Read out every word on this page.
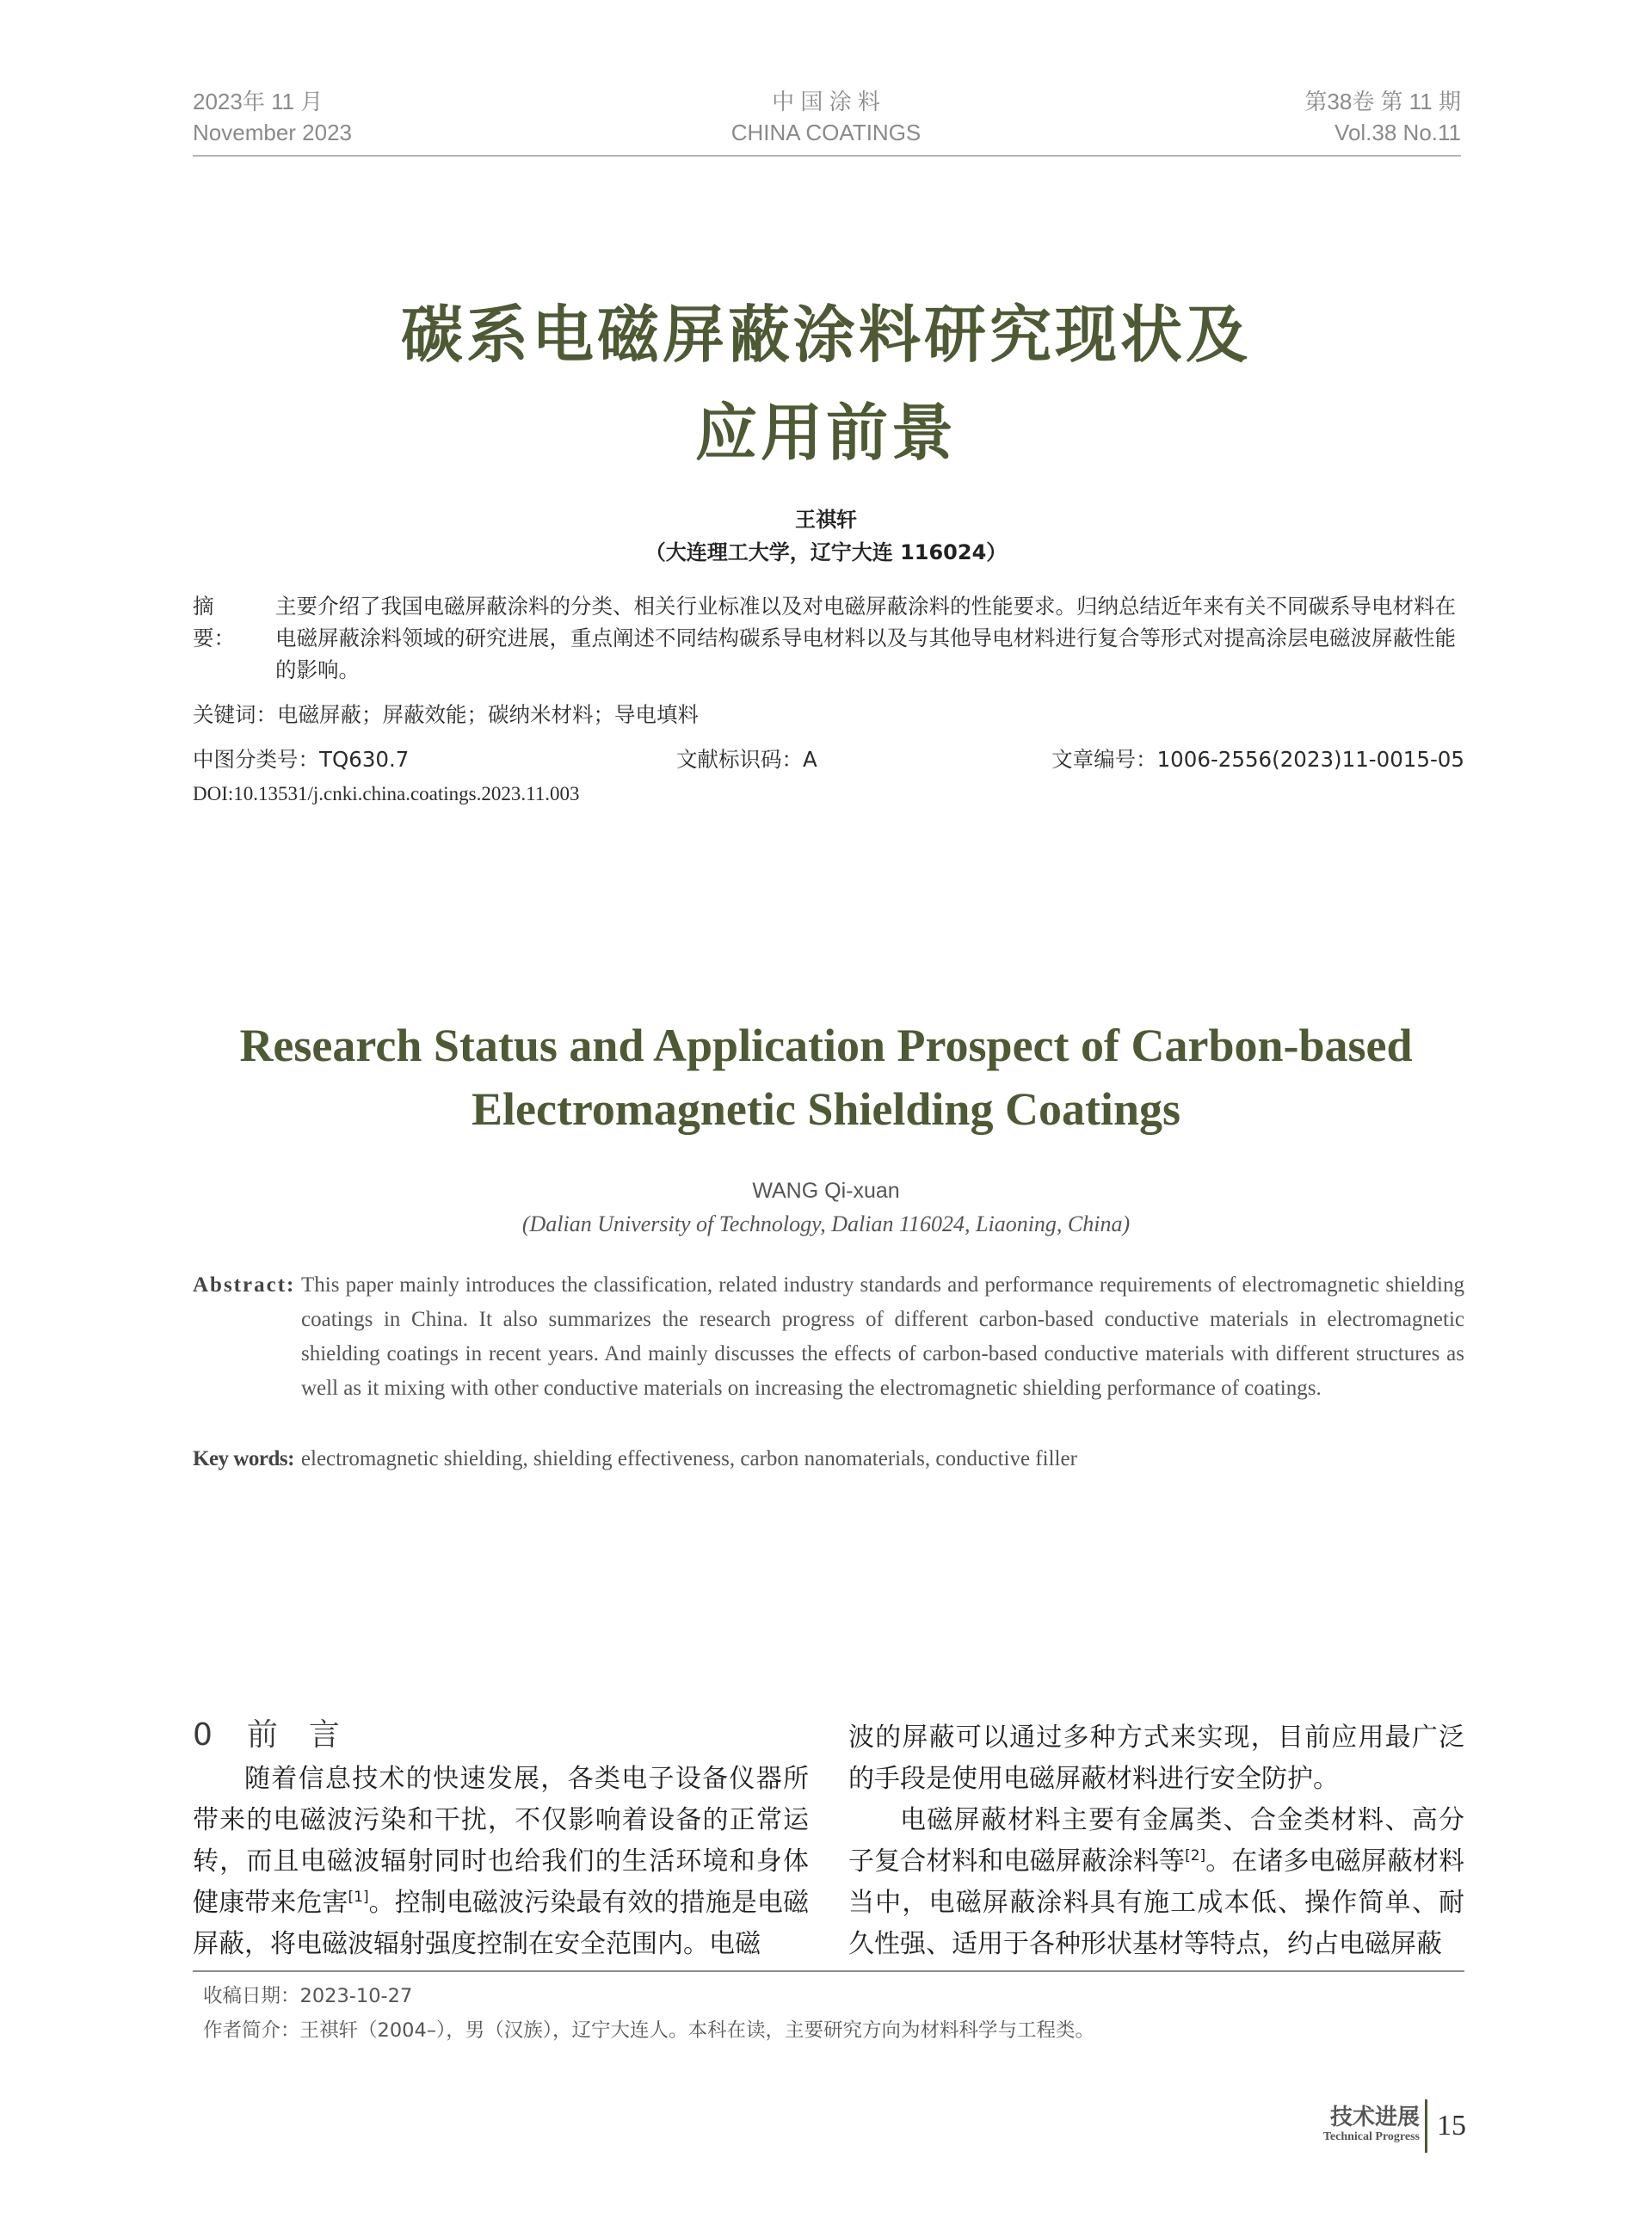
2023年 11 月
November 2023
中 国 涂 料
CHINA COATINGS
第38卷 第 11 期
Vol.38 No.11
碳系电磁屏蔽涂料研究现状及
应用前景
王祺轩
（大连理工大学，辽宁大连 116024）
摘　要：
主要介绍了我国电磁屏蔽涂料的分类、相关行业标准以及对电磁屏蔽涂料的性能要求。归纳总结近年来有关不同碳系导电材料在电磁屏蔽涂料领域的研究进展，重点阐述不同结构碳系导电材料以及与其他导电材料进行复合等形式对提高涂层电磁波屏蔽性能的影响。
关键词：电磁屏蔽；屏蔽效能；碳纳米材料；导电填料
中图分类号：TQ630.7	文献标识码：A	文章编号：1006-2556(2023)11-0015-05
DOI:10.13531/j.cnki.china.coatings.2023.11.003
Research Status and Application Prospect of Carbon-based
Electromagnetic Shielding Coatings
WANG Qi-xuan
(Dalian University of Technology, Dalian 116024, Liaoning, China)
Abstract: This paper mainly introduces the classification, related industry standards and performance requirements of electromagnetic shielding coatings in China. It also summarizes the research progress of different carbon-based conductive materials in electromagnetic shielding coatings in recent years. And mainly discusses the effects of carbon-based conductive materials with different structures as well as it mixing with other conductive materials on increasing the electromagnetic shielding performance of coatings.
Key words: electromagnetic shielding, shielding effectiveness, carbon nanomaterials, conductive filler
0 前　言

随着信息技术的快速发展，各类电子设备仪器所带来的电磁波污染和干扰，不仅影响着设备的正常运转，而且电磁波辐射同时也给我们的生活环境和身体健康带来危害[1]。控制电磁波污染最有效的措施是电磁屏蔽，将电磁波辐射强度控制在安全范围内。电磁

波的屏蔽可以通过多种方式来实现，目前应用最广泛的手段是使用电磁屏蔽材料进行安全防护。

电磁屏蔽材料主要有金属类、合金类材料、高分子复合材料和电磁屏蔽涂料等[2]。在诸多电磁屏蔽材料当中，电磁屏蔽涂料具有施工成本低、操作简单、耐久性强、适用于各种形状基材等特点，约占电磁屏蔽

收稿日期：2023-10-27
作者简介：王祺轩（2004–），男（汉族），辽宁大连人。本科在读，主要研究方向为材料科学与工程类。
技术进展
Technical Progress 15
